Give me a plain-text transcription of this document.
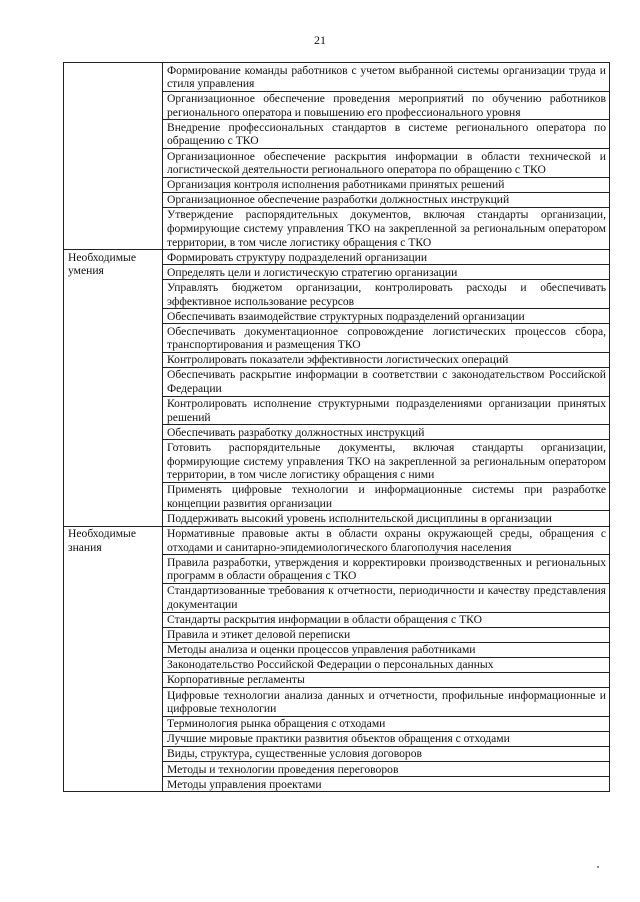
21
	Формирование команды работников с учетом выбранной системы организации труда и стиля управления
	Организационное обеспечение проведения мероприятий по обучению работников регионального оператора и повышению его профессионального уровня
	Внедрение профессиональных стандартов в системе регионального оператора по обращению с ТКО
	Организационное обеспечение раскрытия информации в области технической и логистической деятельности регионального оператора по обращению с ТКО
	Организация контроля исполнения работниками принятых решений
	Организационное обеспечение разработки должностных инструкций
	Утверждение распорядительных документов, включая стандарты организации, формирующие систему управления ТКО на закрепленной за региональным оператором территории, в том числе логистику обращения с ТКО
Необходимые умения	Формировать структуру подразделений организации
	Определять цели и логистическую стратегию организации
	Управлять бюджетом организации, контролировать расходы и обеспечивать эффективное использование ресурсов
	Обеспечивать взаимодействие структурных подразделений организации
	Обеспечивать документационное сопровождение логистических процессов сбора, транспортирования и размещения ТКО
	Контролировать показатели эффективности логистических операций
	Обеспечивать раскрытие информации в соответствии с законодательством Российской Федерации
	Контролировать исполнение структурными подразделениями организации принятых решений
	Обеспечивать разработку должностных инструкций
	Готовить распорядительные документы, включая стандарты организации, формирующие систему управления ТКО на закрепленной за региональным оператором территории, в том числе логистику обращения с ними
	Применять цифровые технологии и информационные системы при разработке концепции развития организации
	Поддерживать высокий уровень исполнительской дисциплины в организации
Необходимые знания	Нормативные правовые акты в области охраны окружающей среды, обращения с отходами и санитарно-эпидемиологического благополучия населения
	Правила разработки, утверждения и корректировки производственных и региональных программ в области обращения с ТКО
	Стандартизованные требования к отчетности, периодичности и качеству представления документации
	Стандарты раскрытия информации в области обращения с ТКО
	Правила и этикет деловой переписки
	Методы анализа и оценки процессов управления работниками
	Законодательство Российской Федерации о персональных данных
	Корпоративные регламенты
	Цифровые технологии анализа данных и отчетности, профильные информационные и цифровые технологии
	Терминология рынка обращения с отходами
	Лучшие мировые практики развития объектов обращения с отходами
	Виды, структура, существенные условия договоров
	Методы и технологии проведения переговоров
	Методы управления проектами
